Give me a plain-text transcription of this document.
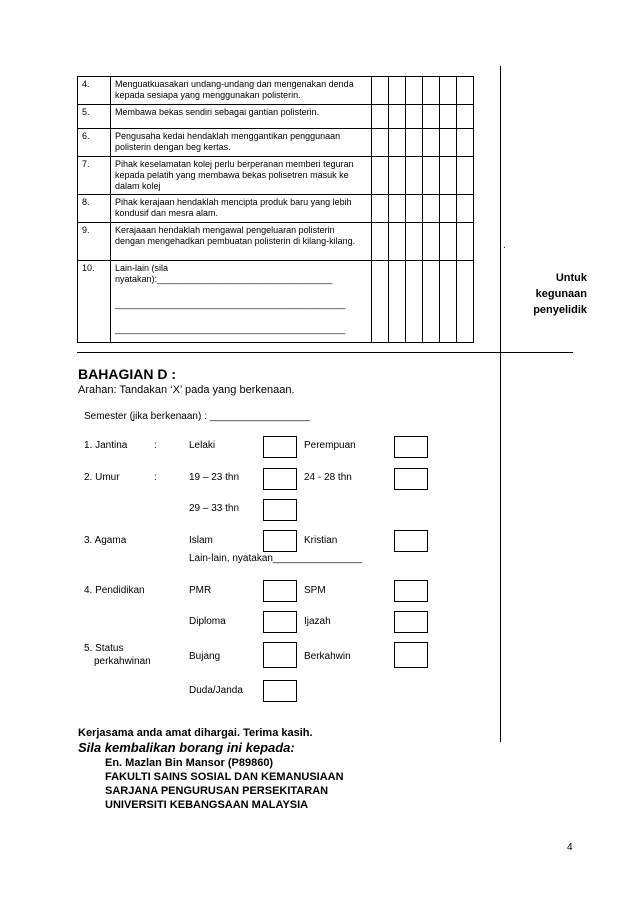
4.	Menguatkuasakan undang-undang dan mengenakan denda kepada sesiapa yang menggunakan polisterin.						
5.	Membawa bekas sendiri sebagai gantian polisterin.						
6.	Pengusaha kedai hendaklah menggantikan penggunaan polisterin dengan beg kertas.						
7.	Pihak keselamatan kolej perlu berperanan memberi teguran kepada pelatih yang membawa bekas polisetren masuk ke dalam kolej						
8.	Pihak kerajaan hendaklah mencipta produk baru yang lebih kondusif dan mesra alam.						
9.	Kerajaaan hendaklah mengawal pengeluaran polisterin dengan mengehadkan pembuatan polisterin di kilang-kilang.						
10.	Lain-lain (sila nyatakan):___________________________________
______________________________________________
______________________________________________						

.
Untuk
kegunaan
penyelidik
BAHAGIAN D :
Arahan: Tandakan ‘X’ pada yang berkenaan.
Semester (jika berkenaan) : __________________
1. Jantina	:	Lelaki	Perempuan
2. Umur	:	19 – 23 thn	24 - 28 thn
29 – 33 thn
3. Agama	Islam	Kristian
Lain-lain, nyatakan________________
4. Pendidikan	PMR	SPM
Diploma	Ijazah
5. Status
perkahwinan	Bujang	Berkahwin
Duda/Janda
Kerjasama anda amat dihargai. Terima kasih.
Sila kembalikan borang ini kepada:
En. Mazlan Bin Mansor (P89860)
FAKULTI SAINS SOSIAL DAN KEMANUSIAAN
SARJANA PENGURUSAN PERSEKITARAN
UNIVERSITI KEBANGSAAN MALAYSIA
4
